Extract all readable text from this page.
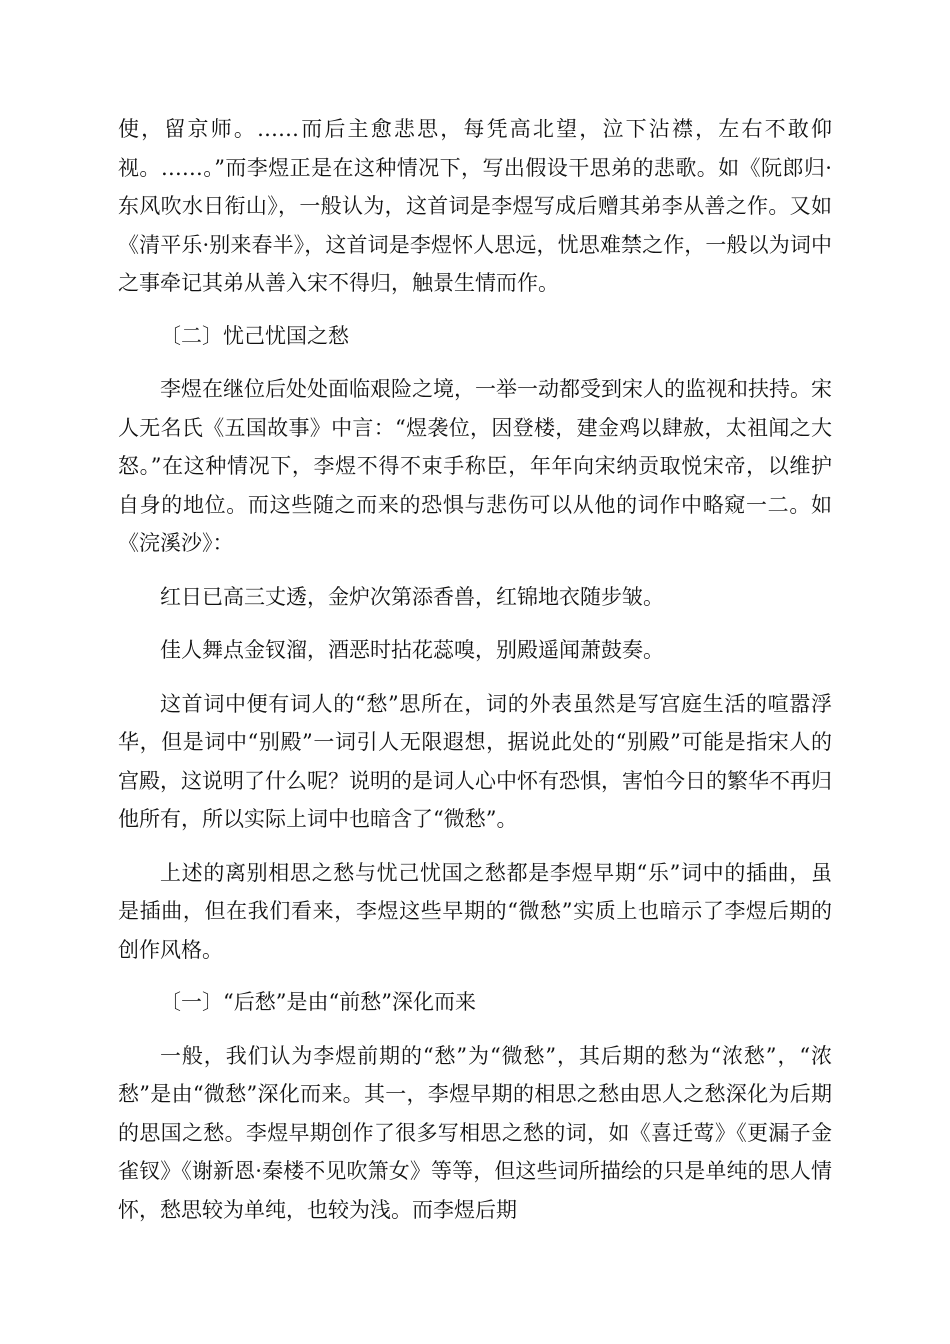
使，留京师。……而后主愈悲思，每凭高北望，泣下沾襟，左右不敢仰视。……。”而李煜正是在这种情况下，写出假设干思弟的悲歌。如《阮郎归·东风吹水日衔山》，一般认为，这首词是李煜写成后赠其弟李从善之作。又如《清平乐·别来春半》，这首词是李煜怀人思远，忧思难禁之作，一般以为词中之事牵记其弟从善入宋不得归，触景生情而作。

〔二〕忧己忧国之愁

李煜在继位后处处面临艰险之境，一举一动都受到宋人的监视和扶持。宋人无名氏《五国故事》中言：“煜袭位，因登楼，建金鸡以肆赦，太祖闻之大怒。”在这种情况下，李煜不得不束手称臣，年年向宋纳贡取悦宋帝，以维护自身的地位。而这些随之而来的恐惧与悲伤可以从他的词作中略窥一二。如《浣溪沙》：

红日已高三丈透，金炉次第添香兽，红锦地衣随步皱。

佳人舞点金钗溜，酒恶时拈花蕊嗅，别殿遥闻萧鼓奏。

这首词中便有词人的“愁”思所在，词的外表虽然是写宫庭生活的喧嚣浮华，但是词中“别殿”一词引人无限遐想，据说此处的“别殿”可能是指宋人的宫殿，这说明了什么呢？说明的是词人心中怀有恐惧，害怕今日的繁华不再归他所有，所以实际上词中也暗含了“微愁”。

上述的离别相思之愁与忧己忧国之愁都是李煜早期“乐”词中的插曲，虽是插曲，但在我们看来，李煜这些早期的“微愁”实质上也暗示了李煜后期的创作风格。

〔一〕“后愁”是由“前愁”深化而来

一般，我们认为李煜前期的“愁”为“微愁”，其后期的愁为“浓愁”，“浓愁”是由“微愁”深化而来。其一，李煜早期的相思之愁由思人之愁深化为后期的思国之愁。李煜早期创作了很多写相思之愁的词，如《喜迁莺》《更漏子金雀钗》《谢新恩·秦楼不见吹箫女》等等，但这些词所描绘的只是单纯的思人情怀，愁思较为单纯，也较为浅。而李煜后期
